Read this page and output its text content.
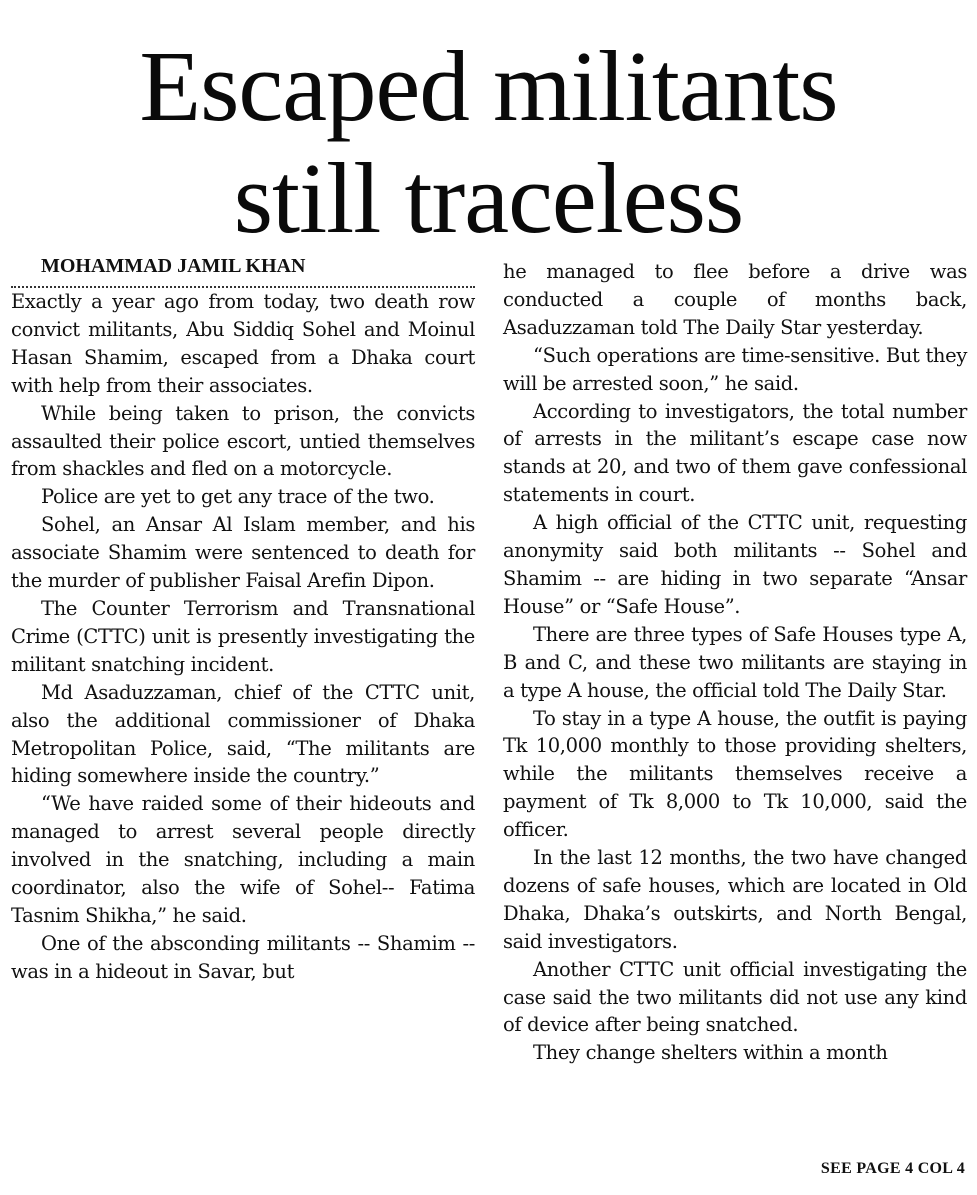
Escaped militants
still traceless

MOHAMMAD JAMIL KHAN

Exactly a year ago from today, two death row convict militants, Abu Siddiq Sohel and Moinul Hasan Shamim, escaped from a Dhaka court with help from their associates.

While being taken to prison, the convicts assaulted their police escort, untied themselves from shackles and fled on a motorcycle.

Police are yet to get any trace of the two.

Sohel, an Ansar Al Islam member, and his associate Shamim were sentenced to death for the murder of publisher Faisal Arefin Dipon.

The Counter Terrorism and Transnational Crime (CTTC) unit is presently investigating the militant snatching incident.

Md Asaduzzaman, chief of the CTTC unit, also the additional commissioner of Dhaka Metropolitan Police, said, “The militants are hiding somewhere inside the country.”

“We have raided some of their hideouts and managed to arrest several people directly involved in the snatching, including a main coordinator, also the wife of Sohel-- Fatima Tasnim Shikha,” he said.

One of the absconding militants -- Shamim -- was in a hideout in Savar, but

he managed to flee before a drive was conducted a couple of months back, Asaduzzaman told The Daily Star yesterday.

“Such operations are time-sensitive. But they will be arrested soon,” he said.

According to investigators, the total number of arrests in the militant’s escape case now stands at 20, and two of them gave confessional statements in court.

A high official of the CTTC unit, requesting anonymity said both militants -- Sohel and Shamim -- are hiding in two separate “Ansar House” or “Safe House”.

There are three types of Safe Houses type A, B and C, and these two militants are staying in a type A house, the official told The Daily Star.

To stay in a type A house, the outfit is paying Tk 10,000 monthly to those providing shelters, while the militants themselves receive a payment of Tk 8,000 to Tk 10,000, said the officer.

In the last 12 months, the two have changed dozens of safe houses, which are located in Old Dhaka, Dhaka’s outskirts, and North Bengal, said investigators.

Another CTTC unit official investigating the case said the two militants did not use any kind of device after being snatched.

They change shelters within a month

SEE PAGE 4 COL 4
